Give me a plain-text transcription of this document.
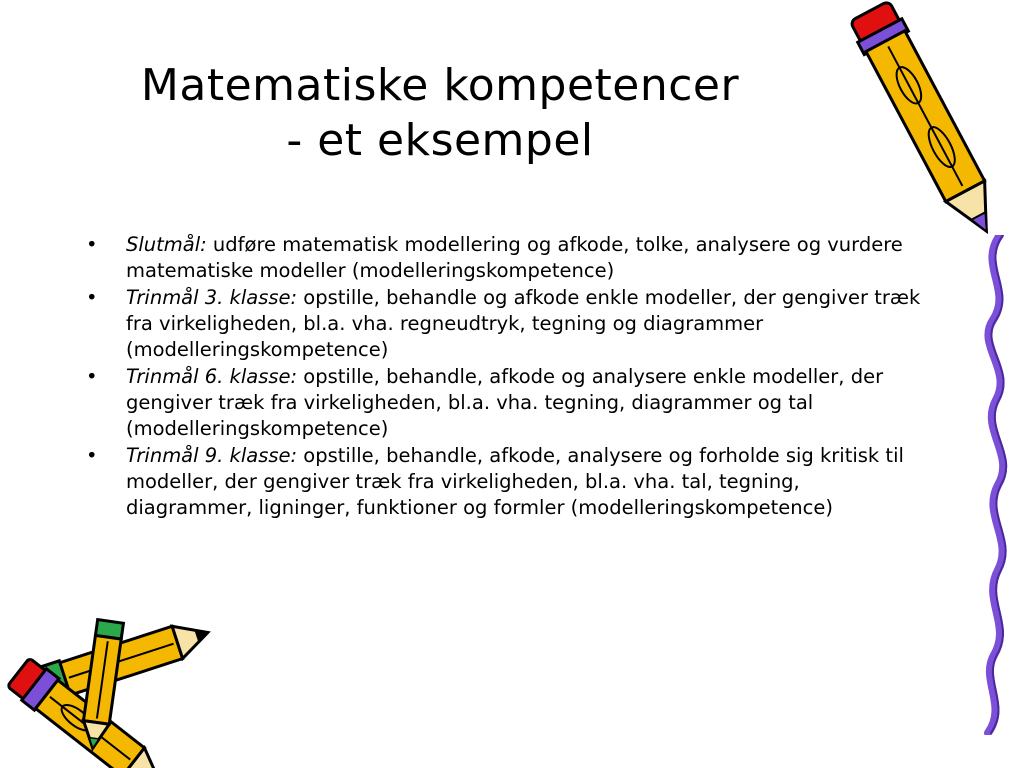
Matematiske kompetencer
- et eksempel
• Slutmål: udføre matematisk modellering og afkode, tolke, analysere og vurdere matematiske modeller (modelleringskompetence)
• Trinmål 3. klasse: opstille, behandle og afkode enkle modeller, der gengiver træk fra virkeligheden, bl.a. vha. regneudtryk, tegning og diagrammer (modelleringskompetence)
• Trinmål 6. klasse: opstille, behandle, afkode og analysere enkle modeller, der gengiver træk fra virkeligheden, bl.a. vha. tegning, diagrammer og tal (modelleringskompetence)
• Trinmål 9. klasse: opstille, behandle, afkode, analysere og forholde sig kritisk til modeller, der gengiver træk fra virkeligheden, bl.a. vha. tal, tegning, diagrammer, ligninger, funktioner og formler (modelleringskompetence)
